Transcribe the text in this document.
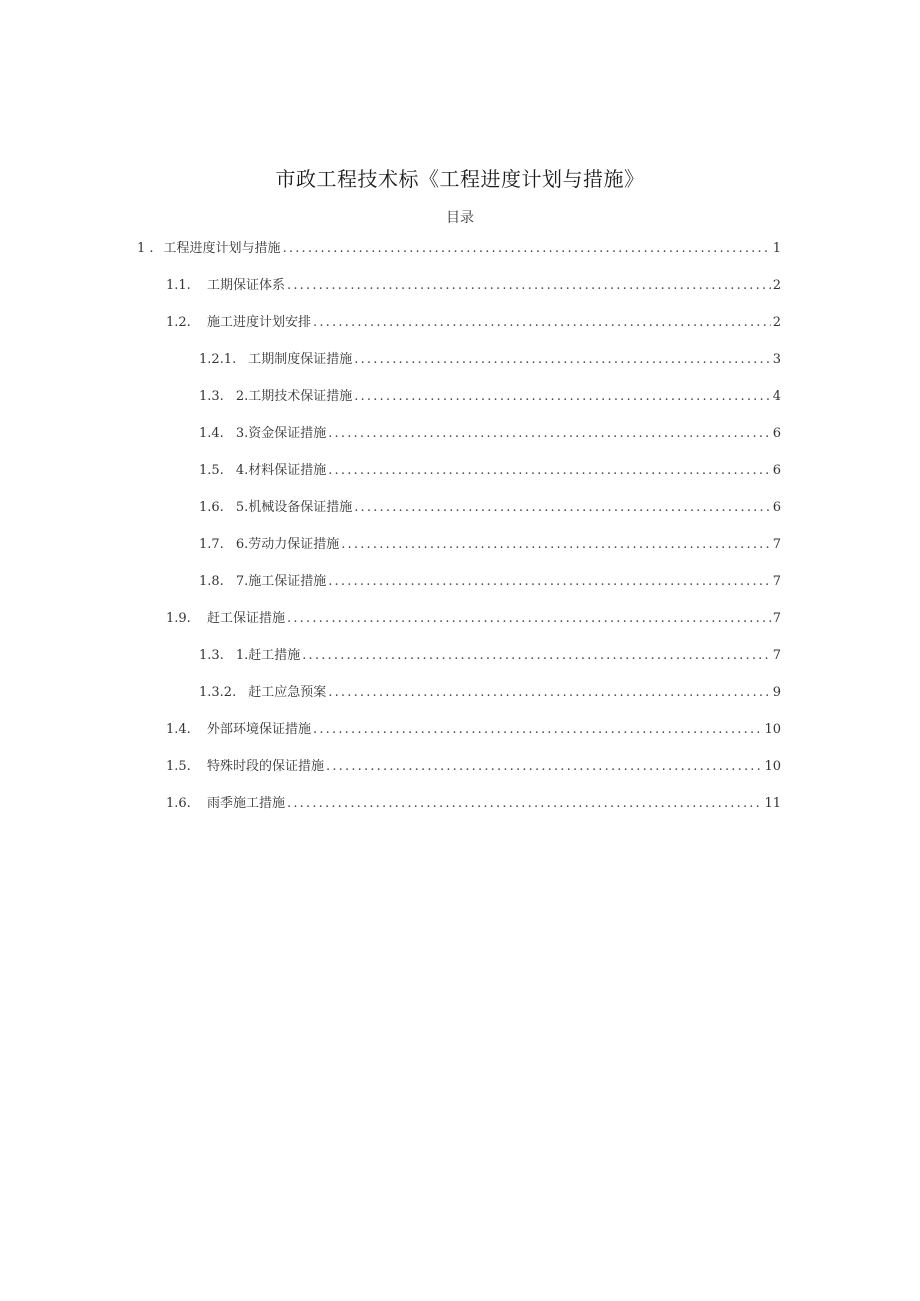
市政工程技术标《工程进度计划与措施》
目录
1 . 工程进度计划与措施 .....	1
1.1.	工期保证体系 .....	2
1.2.	施工进度计划安排 .....	2
1.2.1. 工期制度保证措施 .....	3
1.3. 2.工期技术保证措施 .....	4
1.4. 3.资金保证措施 .....	6
1.5. 4.材料保证措施 .....	6
1.6. 5.机械设备保证措施 .....	6
1.7. 6.劳动力保证措施 .....	7
1.8. 7.施工保证措施 .....	7
1.9.	赶工保证措施 .....	7
1.3. 1.赶工措施 .....	7
1.3.2. 赶工应急预案 .....	9
1.4.	外部环境保证措施 .....	10
1.5.	特殊时段的保证措施 .....	10
1.6.	雨季施工措施 .....	11
